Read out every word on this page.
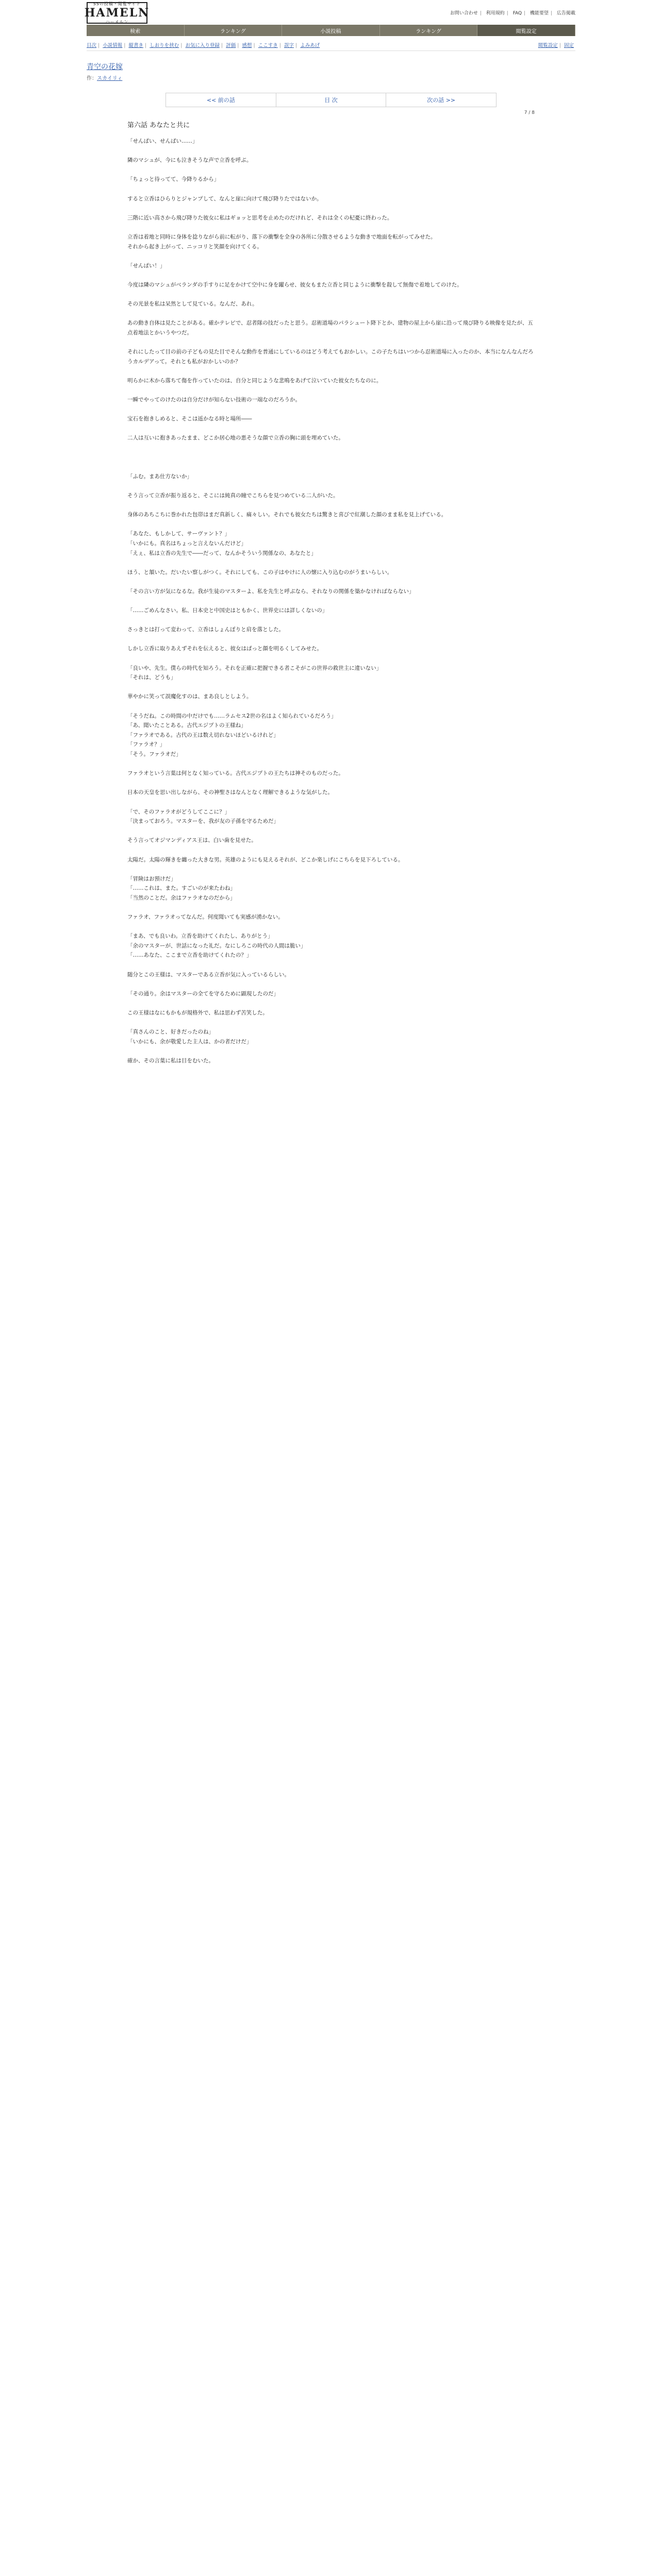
SSの投稿・閲覧サイト
HAMELN
ハーメルン
お問い合わせ | 利用規約 | FAQ | 機能要望 | 広告掲載
検索	ランキング	小説投稿	ランキング	閲覧設定
目次 | 小説情報 | 縦書き | しおりを挟む | お気に入り登録 | 評価 | 感想 | ここすき | 誤字 | よみあげ	閲覧設定 | 固定
青空の花嫁
作：スカイリィ
<< 前の話	目 次	次の話 >>
7 / 8
第六話 あなたと共に

「せんぱい、せんぱい……」

隣のマシュが、今にも泣きそうな声で立香を呼ぶ。

「ちょっと待ってて、今降りるから」

すると立香はひらりとジャンプして、なんと崖に向けて飛び降りたではないか。

三階に近い高さから飛び降りた彼女に私はギョッと思考を止めたのだけれど、それは全くの杞憂に終わった。

立香は着地と同時に身体を捻りながら前に転がり、落下の衝撃を全身の各所に分散させるような動きで地面を転がってみせた。

それから起き上がって、ニッコリと笑顔を向けてくる。

「せんぱい！」

今度は隣のマシュがベランダの手すりに足をかけて空中に身を躍らせ、彼女もまた立香と同じように衝撃を殺して無傷で着地してのけた。

その光景を私は呆然として見ている。なんだ、あれ。

あの動き自体は見たことがある。確かテレビで、忍者隊の技だったと思う。忍術道場のパラシュート降下とか、建物の屋上から崖に沿って飛び降りる映像を見たが、五点着地法とかいうやつだ。

それにしたって目の前の子どもの見た目でそんな動作を普通にしているのはどう考えてもおかしい。この子たちはいつから忍術道場に入ったのか、本当になんなんだろうカルデアって。それとも私がおかしいのか？

明らかに木から落ちて傷を作っていたのは、自分と同じような悲鳴をあげて泣いていた彼女たちなのに。

一瞬でやってのけたのは自分だけが知らない技術の一端なのだろうか。

宝石を抱きしめると、そこは遥かなる時と場所――

二人は互いに抱きあったまま、どこか居心地の悪そうな顔で立香の胸に頭を埋めていた。

「ふむ。まあ仕方ないか」

そう言って立香が振り返ると、そこには純真の瞳でこちらを見つめている二人がいた。

身体のあちこちに巻かれた包帯はまだ真新しく、痛々しい。それでも彼女たちは驚きと喜びで紅潮した顔のまま私を見上げている。

「あなた、もしかして、サーヴァント？」

「いかにも。真名はちょっと言えないんだけど」

「えぇ、私は立香の先生で――だって、なんかそういう関係なの、あなたと」

ほう、と頷いた。だいたい察しがつく。それにしても、この子はやけに人の懐に入り込むのがうまいらしい。

「その言い方が気になるな。我が生徒のマスターよ、私を先生と呼ぶなら、それなりの関係を築かなければならない」

「……ごめんなさい。私、日本史と中国史はともかく、世界史には詳しくないの」

さっきとは打って変わって、立香はしょんぼりと肩を落とした。

しかし立香に取りあえずそれを伝えると、彼女はぱっと顔を明るくしてみせた。

「良いや、先生。僕らの時代を知ろう。それを正確に把握できる者こそがこの世界の救世主に違いない」

「それは、どうも」

華やかに笑って誤魔化すのは、まあ良しとしよう。

「そうだね。この時間の中だけでも……ラムセス2世の名はよく知られているだろう」

「あ、聞いたことある。古代エジプトの王様ね」

「ファラオである。古代の王は数え切れないほどいるけれど」

「ファラオ？」

「そう。ファラオだ」

ファラオという言葉は何となく知っている。古代エジプトの王たちは神そのものだった。

日本の天皇を思い出しながら、その神聖さはなんとなく理解できるような気がした。

「で、そのファラオがどうしてここに？」

「決まっておろう。マスターを、我が友の子孫を守るためだ」

そう言ってオジマンディアス王は、白い歯を見せた。

太陽だ。太陽の輝きを纏った大きな男。英雄のようにも見えるそれが、どこか楽しげにこちらを見下ろしている。

「冒険はお預けだ」

「……これは、また。すごいのが来たわね」

「当然のことだ。余はファラオなのだから」

ファラオ、ファラオってなんだ。何度聞いても実感が湧かない。

「まあ、でも良いわ。立香を助けてくれたし、ありがとう」

「余のマスターが、世話になった礼だ。なにしろこの時代の人間は脆い」

「……あなた、ここまで立香を助けてくれたの？」

随分とこの王様は、マスターである立香が気に入っているらしい。

「その通り。余はマスターの全てを守るために顕現したのだ」

この王様はなにもかもが規格外で、私は思わず苦笑した。

「真さんのこと、好きだったのね」

「いかにも、余が敬愛した主人は、かの者だけだ」

確か、その言葉に私は目をむいた。
